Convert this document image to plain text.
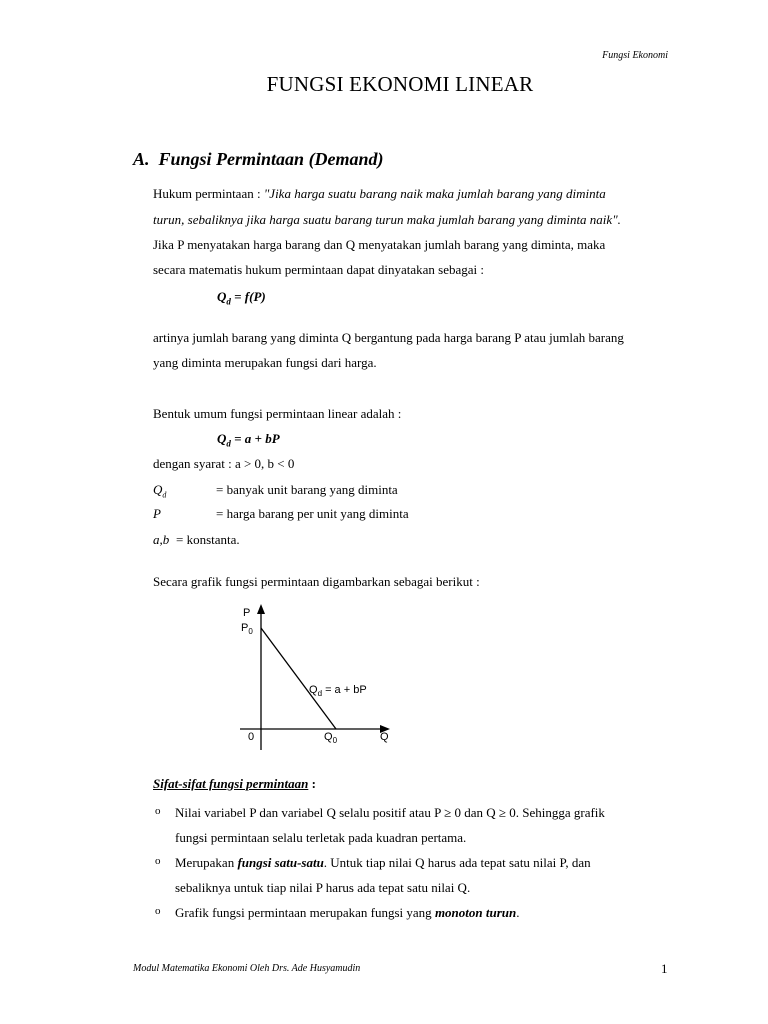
Fungsi Ekonomi
FUNGSI EKONOMI LINEAR
A. Fungsi Permintaan (Demand)
Hukum permintaan : "Jika harga suatu barang naik maka jumlah barang yang diminta
turun, sebaliknya jika harga suatu barang turun maka jumlah barang yang diminta naik".
Jika P menyatakan harga barang dan Q menyatakan jumlah barang yang diminta, maka
secara matematis hukum permintaan dapat dinyatakan sebagai :
$Q_d = f(P)$
artinya jumlah barang yang diminta Q bergantung pada harga barang P atau jumlah barang
yang diminta merupakan fungsi dari harga.
Bentuk umum fungsi permintaan linear adalah :
$Q_d = a$ + bP
dengan syarat : a > 0, b < 0
$Q_d$	= banyak unit barang yang diminta
P	= harga barang per unit yang diminta
a,b = konstanta.
Secara grafik fungsi permintaan digambarkan sebagai berikut :
P
$P_0$
0	$Q_0$	Q
$Q_d = a$ + bP
Sifat-sifat fungsi permintaan :
o Nilai variabel P dan variabel Q selalu positif atau P ≥ 0 dan Q ≥ 0. Sehingga grafik
fungsi permintaan selalu terletak pada kuadran pertama.
o Merupakan fungsi satu-satu. Untuk tiap nilai Q harus ada tepat satu nilai P, dan
sebaliknya untuk tiap nilai P harus ada tepat satu nilai Q.
o Grafik fungsi permintaan merupakan fungsi yang monoton turun.
Modul Matematika Ekonomi Oleh Drs. Ade Husyamudin	1
